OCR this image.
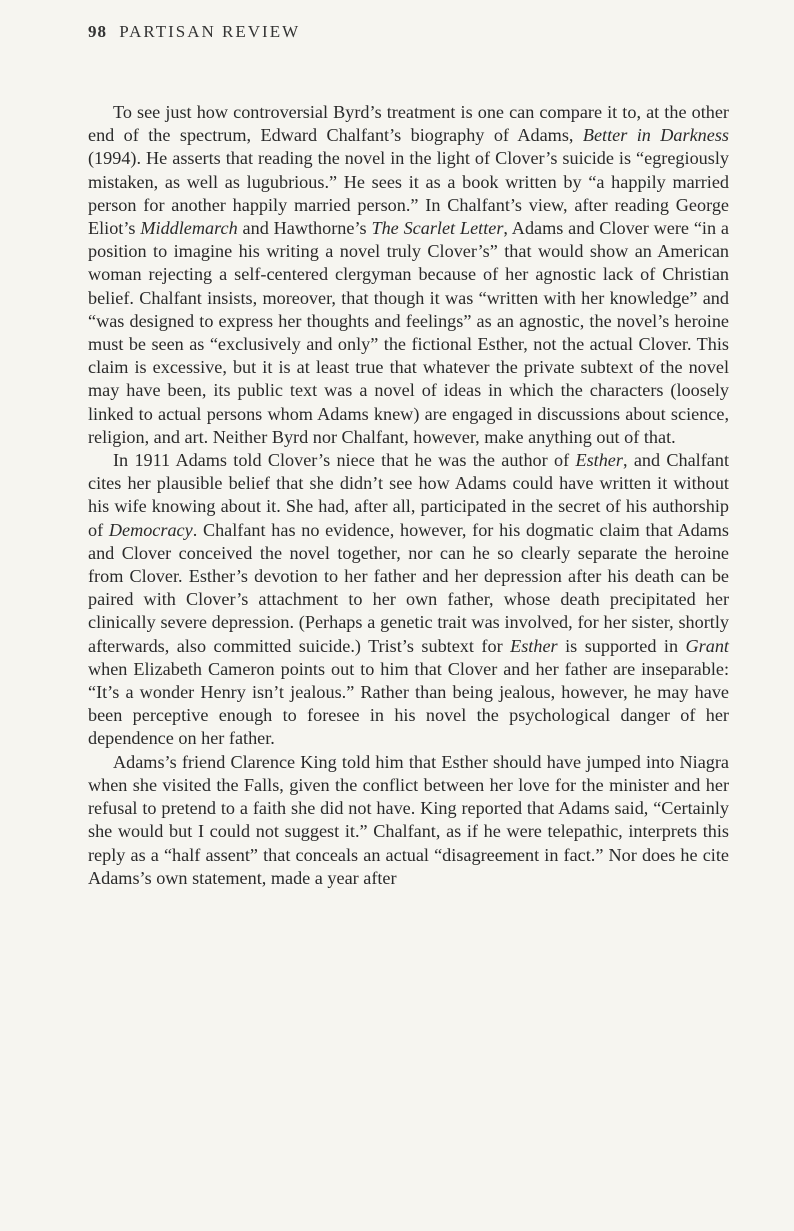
98 PARTISAN REVIEW

To see just how controversial Byrd’s treatment is one can compare it to, at the other end of the spectrum, Edward Chalfant’s biography of Adams, Better in Darkness (1994). He asserts that reading the novel in the light of Clover’s suicide is “egregiously mistaken, as well as lugubrious.” He sees it as a book written by “a happily married person for another happily married person.” In Chalfant’s view, after reading George Eliot’s Middlemarch and Hawthorne’s The Scarlet Letter, Adams and Clover were “in a position to imagine his writing a novel truly Clover’s” that would show an American woman rejecting a self-centered clergyman because of her agnostic lack of Christian belief. Chalfant insists, moreover, that though it was “written with her knowledge” and “was designed to express her thoughts and feelings” as an agnostic, the novel’s heroine must be seen as “exclusively and only” the fictional Esther, not the actual Clover. This claim is excessive, but it is at least true that whatever the private subtext of the novel may have been, its public text was a novel of ideas in which the characters (loosely linked to actual persons whom Adams knew) are engaged in discussions about science, religion, and art. Neither Byrd nor Chalfant, however, make anything out of that.

In 1911 Adams told Clover’s niece that he was the author of Esther, and Chalfant cites her plausible belief that she didn’t see how Adams could have written it without his wife knowing about it. She had, after all, participated in the secret of his authorship of Democracy. Chalfant has no evidence, however, for his dogmatic claim that Adams and Clover conceived the novel together, nor can he so clearly separate the heroine from Clover. Esther’s devotion to her father and her depression after his death can be paired with Clover’s attachment to her own father, whose death precipitated her clinically severe depression. (Perhaps a genetic trait was involved, for her sister, shortly afterwards, also committed suicide.) Trist’s subtext for Esther is supported in Grant when Elizabeth Cameron points out to him that Clover and her father are inseparable: “It’s a wonder Henry isn’t jealous.” Rather than being jealous, however, he may have been perceptive enough to foresee in his novel the psychological danger of her dependence on her father.

Adams’s friend Clarence King told him that Esther should have jumped into Niagra when she visited the Falls, given the conflict between her love for the minister and her refusal to pretend to a faith she did not have. King reported that Adams said, “Certainly she would but I could not suggest it.” Chalfant, as if he were telepathic, interprets this reply as a “half assent” that conceals an actual “disagreement in fact.” Nor does he cite Adams’s own statement, made a year after
